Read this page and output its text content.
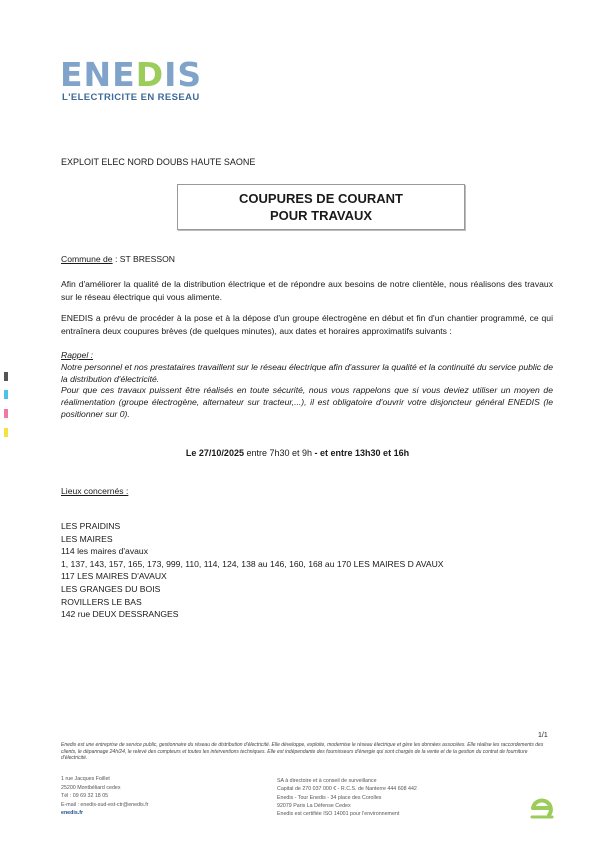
ENEDIS
L'ELECTRICITE EN RESEAU
EXPLOIT ELEC NORD DOUBS HAUTE SAONE
COUPURES DE COURANT
POUR TRAVAUX
Commune de : ST BRESSON
Afin d'améliorer la qualité de la distribution électrique et de répondre aux besoins de notre clientèle, nous réalisons des travaux sur le réseau électrique qui vous alimente.
ENEDIS a prévu de procéder à la pose et à la dépose d'un groupe électrogène en début et fin d'un chantier programmé, ce qui entraînera deux coupures brèves (de quelques minutes), aux dates et horaires approximatifs suivants :
Rappel :
Notre personnel et nos prestataires travaillent sur le réseau électrique afin d'assurer la qualité et la continuité du service public de la distribution d'électricité.
Pour que ces travaux puissent être réalisés en toute sécurité, nous vous rappelons que si vous deviez utiliser un moyen de réalimentation (groupe électrogène, alternateur sur tracteur,...), il est obligatoire d'ouvrir votre disjoncteur général ENEDIS (le positionner sur 0).
Le 27/10/2025 entre 7h30 et 9h - et entre 13h30 et 16h
Lieux concernés :
LES PRAIDINS
LES MAIRES
114 les maires d'avaux
1, 137, 143, 157, 165, 173, 999, 110, 114, 124, 138 au 146, 160, 168 au 170 LES MAIRES D AVAUX
117 LES MAIRES D'AVAUX
LES GRANGES DU BOIS
ROVILLERS LE BAS
142 rue DEUX DESSRANGES
1/1
Enedis est une entreprise de service public, gestionnaire du réseau de distribution d'électricité. Elle développe, exploite, modernise le réseau électrique et gère les données associées. Elle réalise les raccordements des clients, le dépannage 24h/24, le relevé des compteurs et toutes les interventions techniques. Elle est indépendante des fournisseurs d'énergie qui sont chargés de la vente et de la gestion du contrat de fourniture d'électricité.
1 rue Jacques Foillet
25200 Montbéliard cedex
Tél : 09 69 32 18 05
E-mail : enedis-sud-est-ctr@enedis.fr
enedis.fr
SA à directoire et à conseil de surveillance
Capital de 270 037 000 € - R.C.S. de Nanterre 444 608 442
Enedis - Tour Enedis - 34 place des Corolles
92079 Paris La Défense Cedex
Enedis est certifiée ISO 14001 pour l'environnement
